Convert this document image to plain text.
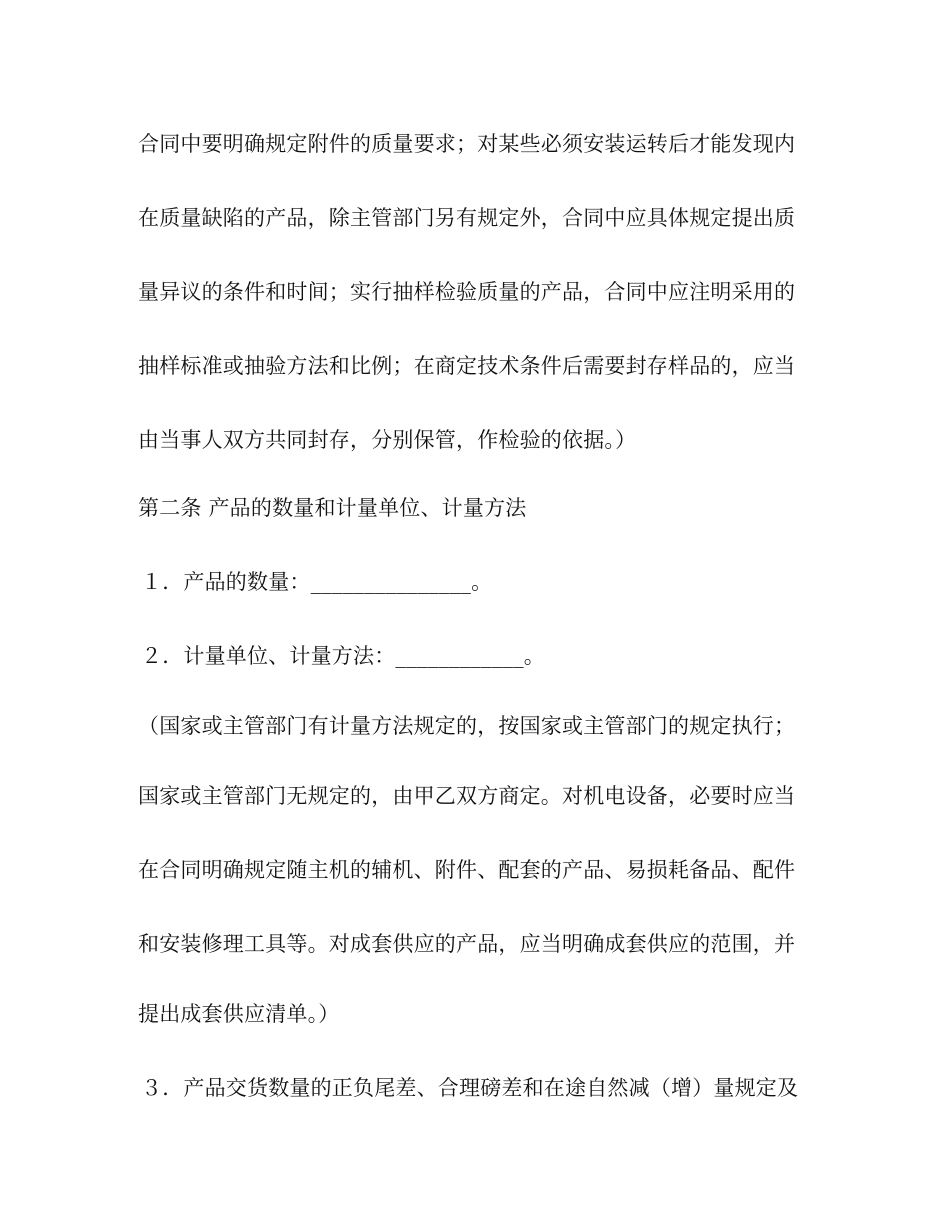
合同中要明确规定附件的质量要求；对某些必须安装运转后才能发现内
在质量缺陷的产品，除主管部门另有规定外，合同中应具体规定提出质
量异议的条件和时间；实行抽样检验质量的产品，合同中应注明采用的
抽样标准或抽验方法和比例；在商定技术条件后需要封存样品的，应当
由当事人双方共同封存，分别保管，作检验的依据。）
第二条 产品的数量和计量单位、计量方法
１．产品的数量：_______________。
２．计量单位、计量方法：____________。
（国家或主管部门有计量方法规定的，按国家或主管部门的规定执行；
国家或主管部门无规定的，由甲乙双方商定。对机电设备，必要时应当
在合同明确规定随主机的辅机、附件、配套的产品、易损耗备品、配件
和安装修理工具等。对成套供应的产品，应当明确成套供应的范围，并
提出成套供应清单。）
３．产品交货数量的正负尾差、合理磅差和在途自然减（增）量规定及
